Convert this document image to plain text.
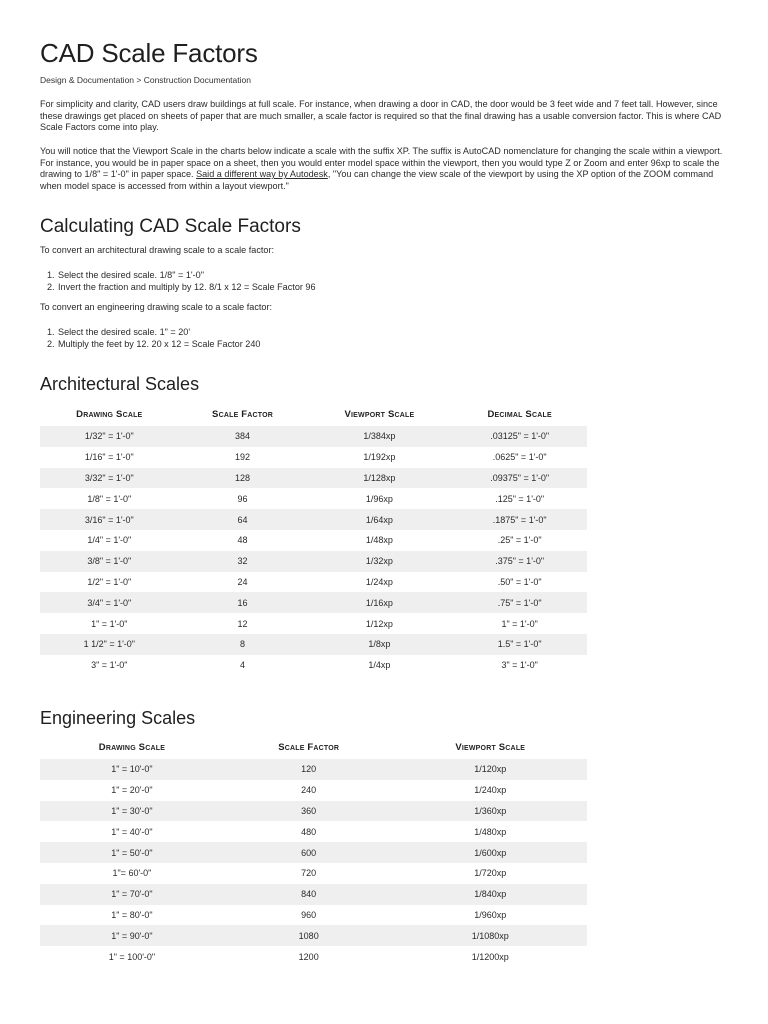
CAD Scale Factors
Design & Documentation > Construction Documentation

For simplicity and clarity, CAD users draw buildings at full scale. For instance, when drawing a door in CAD, the door would be 3 feet wide and 7 feet tall. However, since these drawings get placed on sheets of paper that are much smaller, a scale factor is required so that the final drawing has a usable conversion factor. This is where CAD Scale Factors come into play.

You will notice that the Viewport Scale in the charts below indicate a scale with the suffix XP. The suffix is AutoCAD nomenclature for changing the scale within a viewport. For instance, you would be in paper space on a sheet, then you would enter model space within the viewport, then you would type Z or Zoom and enter 96xp to scale the drawing to 1/8" = 1'-0" in paper space. Said a different way by Autodesk, "You can change the view scale of the viewport by using the XP option of the ZOOM command when model space is accessed from within a layout viewport."

Calculating CAD Scale Factors
To convert an architectural drawing scale to a scale factor:
1. Select the desired scale. 1/8" = 1'-0"
2. Invert the fraction and multiply by 12. 8/1 x 12 = Scale Factor 96
To convert an engineering drawing scale to a scale factor:
1. Select the desired scale. 1" = 20'
2. Multiply the feet by 12. 20 x 12 = Scale Factor 240
Architectural Scales
Drawing Scale	Scale Factor	Viewport Scale	Decimal Scale
1/32" = 1'-0"	384	1/384xp	.03125" = 1'-0"
1/16" = 1'-0"	192	1/192xp	.0625" = 1'-0"
3/32" = 1'-0"	128	1/128xp	.09375" = 1'-0"
1/8" = 1'-0"	96	1/96xp	.125" = 1'-0"
3/16" = 1'-0"	64	1/64xp	.1875" = 1'-0"
1/4" = 1'-0"	48	1/48xp	.25" = 1'-0"
3/8" = 1'-0"	32	1/32xp	.375" = 1'-0"
1/2" = 1'-0"	24	1/24xp	.50" = 1'-0"
3/4" = 1'-0"	16	1/16xp	.75" = 1'-0"
1" = 1'-0"	12	1/12xp	1" = 1'-0"
1 1/2" = 1'-0"	8	1/8xp	1.5" = 1'-0"
3" = 1'-0"	4	1/4xp	3" = 1'-0"
Engineering Scales
Drawing Scale	Scale Factor	Viewport Scale
1" = 10'-0"	120	1/120xp
1" = 20'-0"	240	1/240xp
1" = 30'-0"	360	1/360xp
1" = 40'-0"	480	1/480xp
1" = 50'-0"	600	1/600xp
1"= 60'-0"	720	1/720xp
1" = 70'-0"	840	1/840xp
1" = 80'-0"	960	1/960xp
1" = 90'-0"	1080	1/1080xp
1" = 100'-0"	1200	1/1200xp
